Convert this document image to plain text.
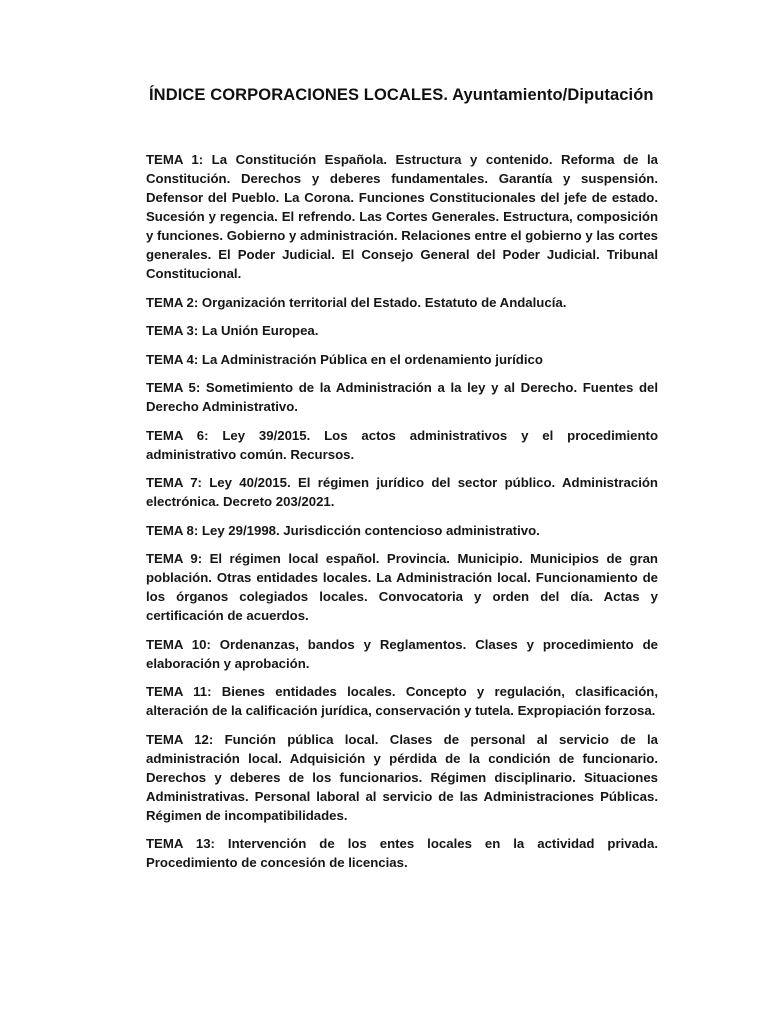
ÍNDICE CORPORACIONES LOCALES. Ayuntamiento/Diputación
TEMA 1: La Constitución Española. Estructura y contenido. Reforma de la Constitución. Derechos y deberes fundamentales. Garantía y suspensión. Defensor del Pueblo. La Corona. Funciones Constitucionales del jefe de estado. Sucesión y regencia. El refrendo. Las Cortes Generales. Estructura, composición y funciones. Gobierno y administración. Relaciones entre el gobierno y las cortes generales. El Poder Judicial. El Consejo General del Poder Judicial. Tribunal Constitucional.
TEMA 2: Organización territorial del Estado. Estatuto de Andalucía.
TEMA 3: La Unión Europea.
TEMA 4: La Administración Pública en el ordenamiento jurídico
TEMA 5: Sometimiento de la Administración a la ley y al Derecho. Fuentes del Derecho Administrativo.
TEMA 6: Ley 39/2015. Los actos administrativos y el procedimiento administrativo común. Recursos.
TEMA 7: Ley 40/2015. El régimen jurídico del sector público. Administración electrónica. Decreto 203/2021.
TEMA 8: Ley 29/1998. Jurisdicción contencioso administrativo.
TEMA 9: El régimen local español. Provincia. Municipio. Municipios de gran población. Otras entidades locales. La Administración local. Funcionamiento de los órganos colegiados locales. Convocatoria y orden del día. Actas y certificación de acuerdos.
TEMA 10: Ordenanzas, bandos y Reglamentos. Clases y procedimiento de elaboración y aprobación.
TEMA 11: Bienes entidades locales. Concepto y regulación, clasificación, alteración de la calificación jurídica, conservación y tutela. Expropiación forzosa.
TEMA 12: Función pública local. Clases de personal al servicio de la administración local. Adquisición y pérdida de la condición de funcionario. Derechos y deberes de los funcionarios. Régimen disciplinario. Situaciones Administrativas. Personal laboral al servicio de las Administraciones Públicas. Régimen de incompatibilidades.
TEMA 13: Intervención de los entes locales en la actividad privada. Procedimiento de concesión de licencias.
